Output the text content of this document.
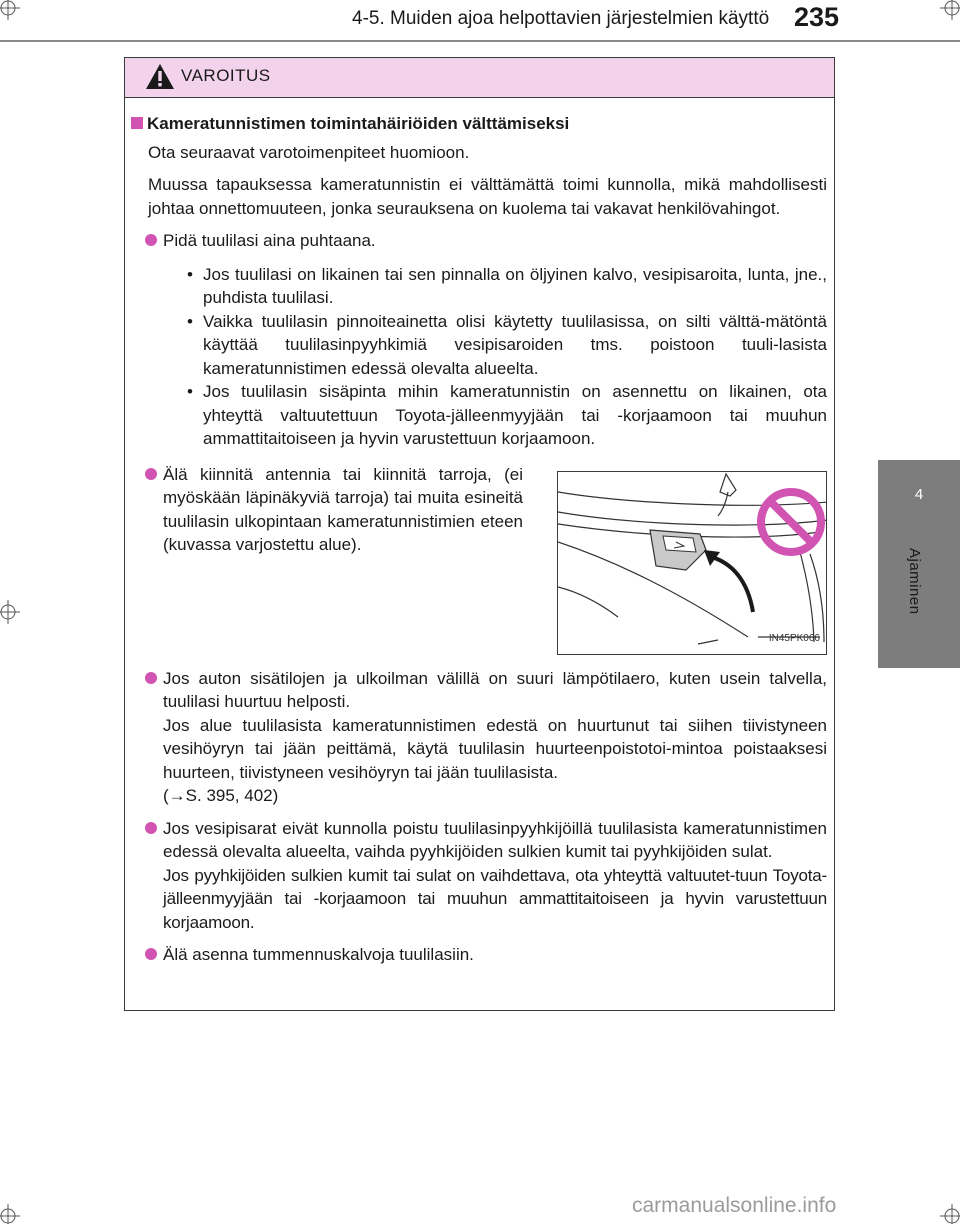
4-5. Muiden ajoa helpottavien järjestelmien käyttö 235
4
Ajaminen
VAROITUS
Kameratunnistimen toimintahäiriöiden välttämiseksi
Ota seuraavat varotoimenpiteet huomioon.
Muussa tapauksessa kameratunnistin ei välttämättä toimi kunnolla, mikä mahdollisesti johtaa onnettomuuteen, jonka seurauksena on kuolema tai vakavat henkilövahingot.
Pidä tuulilasi aina puhtaana.
• Jos tuulilasi on likainen tai sen pinnalla on öljyinen kalvo, vesipisaroita, lunta, jne., puhdista tuulilasi.
• Vaikka tuulilasin pinnoiteainetta olisi käytetty tuulilasissa, on silti välttä-mätöntä käyttää tuulilasinpyyhkimiä vesipisaroiden tms. poistoon tuuli-lasista kameratunnistimen edessä olevalta alueelta.
• Jos tuulilasin sisäpinta mihin kameratunnistin on asennettu on likainen, ota yhteyttä valtuutettuun Toyota-jälleenmyyjään tai -korjaamoon tai muuhun ammattitaitoiseen ja hyvin varustettuun korjaamoon.
Älä kiinnitä antennia tai kiinnitä tarroja, (ei myöskään läpinäkyviä tarroja) tai muita esineitä tuulilasin ulkopintaan kameratunnistimien eteen (kuvassa varjostettu alue).
IN45PK066
Jos auton sisätilojen ja ulkoilman välillä on suuri lämpötilaero, kuten usein talvella, tuulilasi huurtuu helposti.
Jos alue tuulilasista kameratunnistimen edestä on huurtunut tai siihen tiivistyneen vesihöyryn tai jään peittämä, käytä tuulilasin huurteenpoistotoi-mintoa poistaaksesi huurteen, tiivistyneen vesihöyryn tai jään tuulilasista.
(→S. 395, 402)
Jos vesipisarat eivät kunnolla poistu tuulilasinpyyhkijöillä tuulilasista kameratunnistimen edessä olevalta alueelta, vaihda pyyhkijöiden sulkien kumit tai pyyhkijöiden sulat.
Jos pyyhkijöiden sulkien kumit tai sulat on vaihdettava, ota yhteyttä valtuutet-tuun Toyota-jälleenmyyjään tai -korjaamoon tai muuhun ammattitaitoiseen ja hyvin varustettuun korjaamoon.
Älä asenna tummennuskalvoja tuulilasiin.
carmanualsonline.info
